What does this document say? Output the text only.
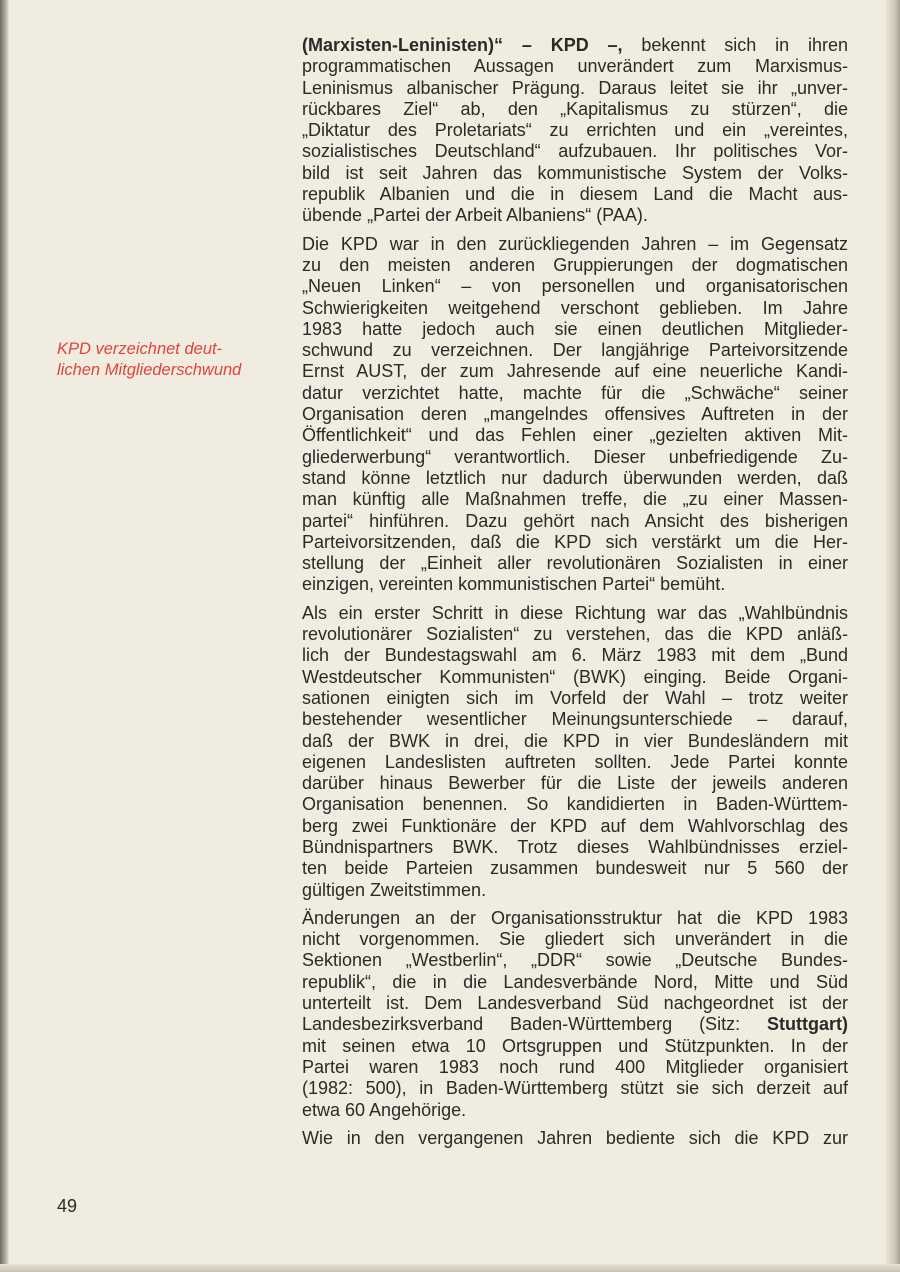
KPD verzeichnet deut-
lichen Mitgliederschwund
49
(Marxisten-Leninisten)“ – KPD –, bekennt sich in ihren
programmatischen Aussagen unverändert zum Marxismus-
Leninismus albanischer Prägung. Daraus leitet sie ihr „unver-
rückbares Ziel“ ab, den „Kapitalismus zu stürzen“, die
„Diktatur des Proletariats“ zu errichten und ein „vereintes,
sozialistisches Deutschland“ aufzubauen. Ihr politisches Vor-
bild ist seit Jahren das kommunistische System der Volks-
republik Albanien und die in diesem Land die Macht aus-
übende „Partei der Arbeit Albaniens“ (PAA).
Die KPD war in den zurückliegenden Jahren – im Gegensatz
zu den meisten anderen Gruppierungen der dogmatischen
„Neuen Linken“ – von personellen und organisatorischen
Schwierigkeiten weitgehend verschont geblieben. Im Jahre
1983 hatte jedoch auch sie einen deutlichen Mitglieder-
schwund zu verzeichnen. Der langjährige Parteivorsitzende
Ernst AUST, der zum Jahresende auf eine neuerliche Kandi-
datur verzichtet hatte, machte für die „Schwäche“ seiner
Organisation deren „mangelndes offensives Auftreten in der
Öffentlichkeit“ und das Fehlen einer „gezielten aktiven Mit-
gliederwerbung“ verantwortlich. Dieser unbefriedigende Zu-
stand könne letztlich nur dadurch überwunden werden, daß
man künftig alle Maßnahmen treffe, die „zu einer Massen-
partei“ hinführen. Dazu gehört nach Ansicht des bisherigen
Parteivorsitzenden, daß die KPD sich verstärkt um die Her-
stellung der „Einheit aller revolutionären Sozialisten in einer
einzigen, vereinten kommunistischen Partei“ bemüht.
Als ein erster Schritt in diese Richtung war das „Wahlbündnis
revolutionärer Sozialisten“ zu verstehen, das die KPD anläß-
lich der Bundestagswahl am 6. März 1983 mit dem „Bund
Westdeutscher Kommunisten“ (BWK) einging. Beide Organi-
sationen einigten sich im Vorfeld der Wahl – trotz weiter
bestehender wesentlicher Meinungsunterschiede – darauf,
daß der BWK in drei, die KPD in vier Bundesländern mit
eigenen Landeslisten auftreten sollten. Jede Partei konnte
darüber hinaus Bewerber für die Liste der jeweils anderen
Organisation benennen. So kandidierten in Baden-Württem-
berg zwei Funktionäre der KPD auf dem Wahlvorschlag des
Bündnispartners BWK. Trotz dieses Wahlbündnisses erziel-
ten beide Parteien zusammen bundesweit nur 5 560 der
gültigen Zweitstimmen.
Änderungen an der Organisationsstruktur hat die KPD 1983
nicht vorgenommen. Sie gliedert sich unverändert in die
Sektionen „Westberlin“, „DDR“ sowie „Deutsche Bundes-
republik“, die in die Landesverbände Nord, Mitte und Süd
unterteilt ist. Dem Landesverband Süd nachgeordnet ist der
Landesbezirksverband Baden-Württemberg (Sitz: Stuttgart)
mit seinen etwa 10 Ortsgruppen und Stützpunkten. In der
Partei waren 1983 noch rund 400 Mitglieder organisiert
(1982: 500), in Baden-Württemberg stützt sie sich derzeit auf
etwa 60 Angehörige.
Wie in den vergangenen Jahren bediente sich die KPD zur
